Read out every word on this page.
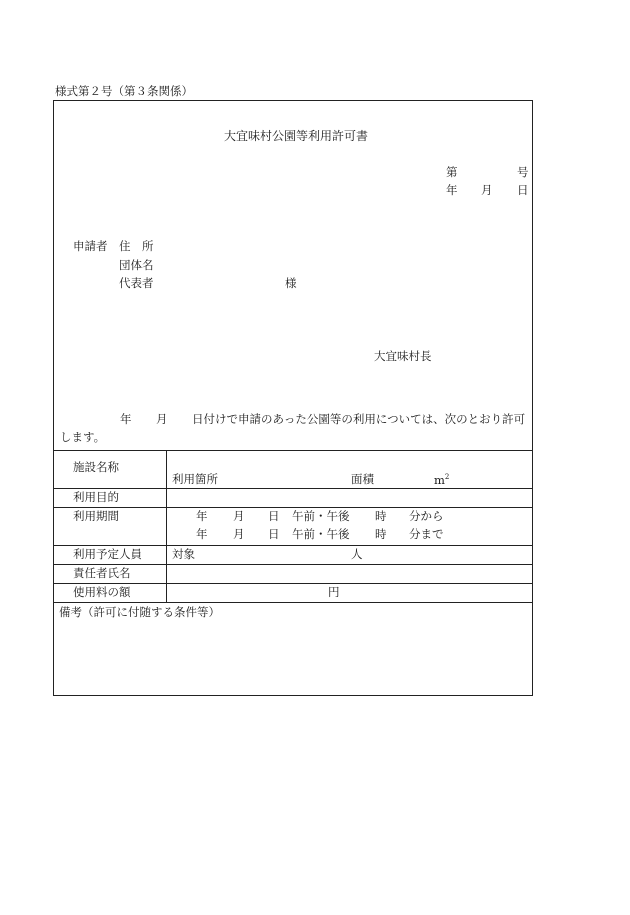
様式第２号（第３条関係）
大宜味村公園等利用許可書
第	号
年 月 日
申請者 住　所
団体名
代表者	様
大宜味村長
年 月 日付けで申請のあった公園等の利用については、次のとおり許可
します。
施設名称
利用箇所	面積	$m^2$
利用目的
利用期間	年 月 日 午前・午後 時 分から
年 月 日 午前・午後 時 分まで
利用予定人員	対象	人
責任者氏名
使用料の額	円
備考（許可に付随する条件等）
